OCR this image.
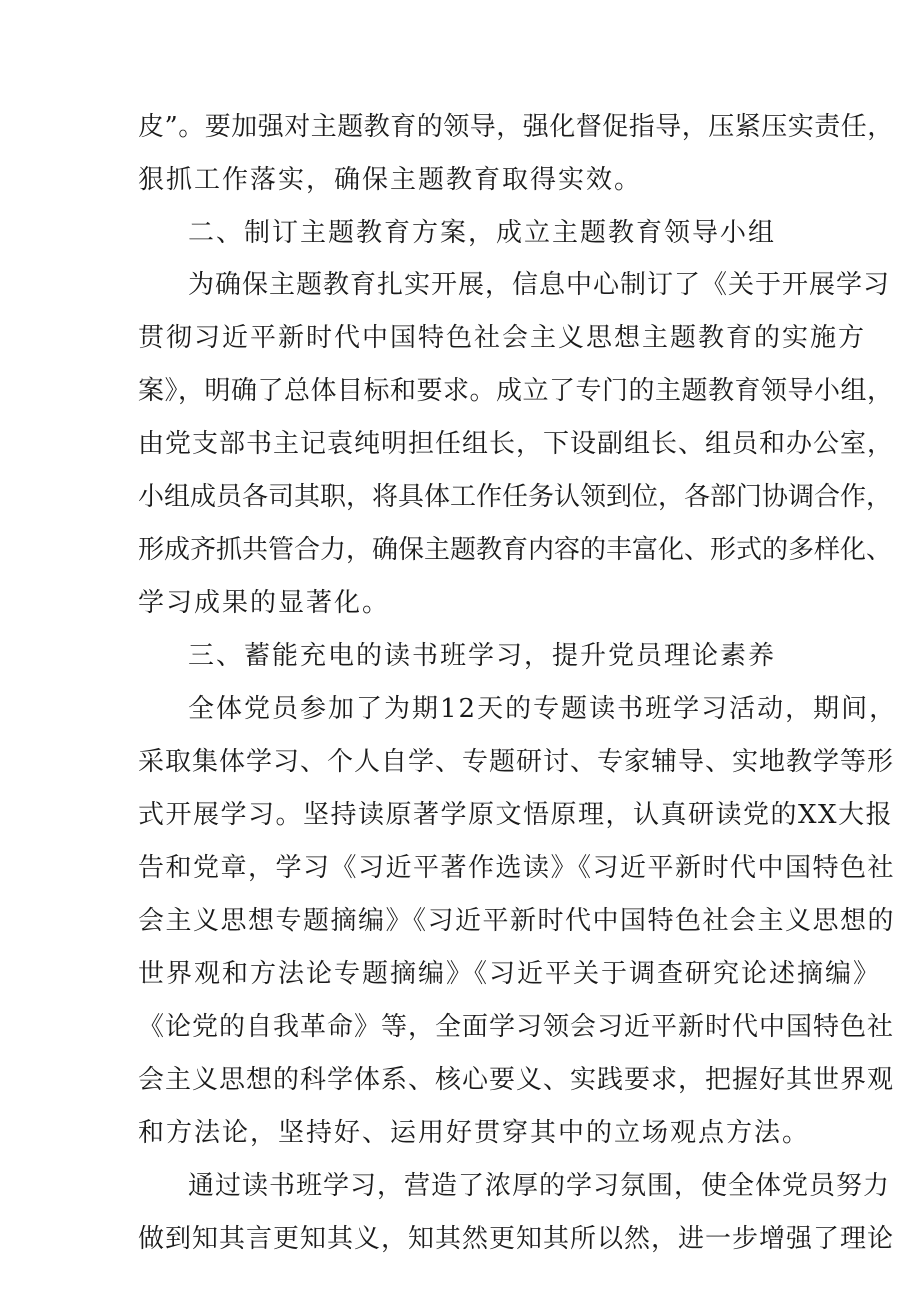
皮”。要加强对主题教育的领导，强化督促指导，压紧压实责任，
狠抓工作落实，确保主题教育取得实效。
二、制订主题教育方案，成立主题教育领导小组
为确保主题教育扎实开展，信息中心制订了《关于开展学习
贯彻习近平新时代中国特色社会主义思想主题教育的实施方
案》，明确了总体目标和要求。成立了专门的主题教育领导小组，
由党支部书主记袁纯明担任组长，下设副组长、组员和办公室，
小组成员各司其职，将具体工作任务认领到位，各部门协调合作，
形成齐抓共管合力，确保主题教育内容的丰富化、形式的多样化、
学习成果的显著化。
三、蓄能充电的读书班学习，提升党员理论素养
全体党员参加了为期12天的专题读书班学习活动，期间，
采取集体学习、个人自学、专题研讨、专家辅导、实地教学等形
式开展学习。坚持读原著学原文悟原理，认真研读党的XX大报
告和党章，学习《习近平著作选读》《习近平新时代中国特色社
会主义思想专题摘编》《习近平新时代中国特色社会主义思想的
世界观和方法论专题摘编》《习近平关于调查研究论述摘编》
《论党的自我革命》等，全面学习领会习近平新时代中国特色社
会主义思想的科学体系、核心要义、实践要求，把握好其世界观
和方法论，坚持好、运用好贯穿其中的立场观点方法。
通过读书班学习，营造了浓厚的学习氛围，使全体党员努力
做到知其言更知其义，知其然更知其所以然，进一步增强了理论
